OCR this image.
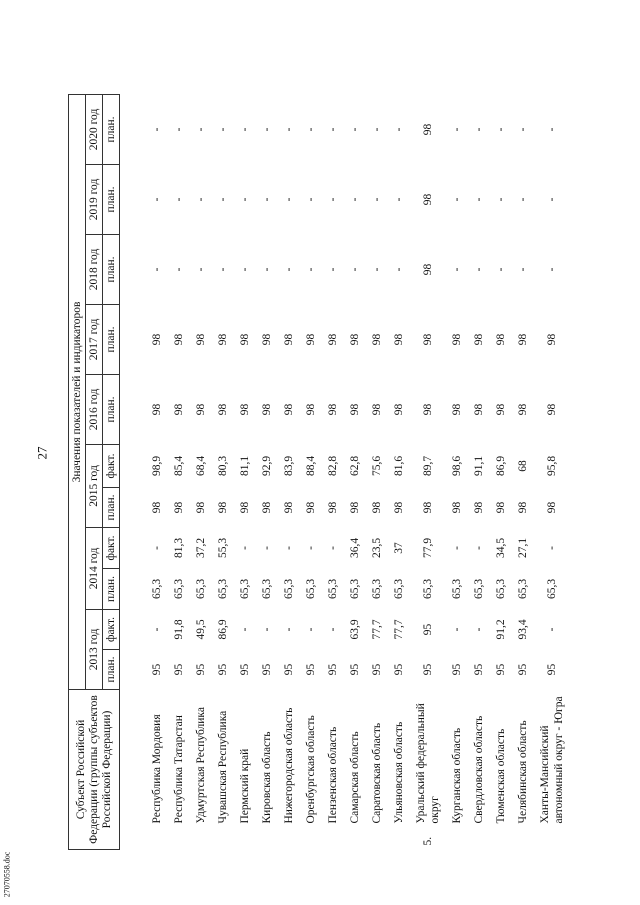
27
27070558.doc
Субъект Российской Федерации (группы субъектов Российской Федерации)		Значения показателей и индикаторов											
		2013 год		2014 год		2015 год		2016 год	2017 год	2018 год	2019 год	2020 год	
		план.	факт.	план.	факт.	план.	факт.	план.	план.	план.	план.	план.	

	Республика Мордовия	95	-	65,3	-	98	98,9	98	98	-	-	-	
	Республика Татарстан	95	91,8	65,3	81,3	98	85,4	98	98	-	-	-	
	Удмуртская Республика	95	49,5	65,3	37,2	98	68,4	98	98	-	-	-	
	Чувашская Республика	95	86,9	65,3	55,3	98	80,3	98	98	-	-	-	
	Пермский край	95	-	65,3	-	98	81,1	98	98	-	-	-	
	Кировская область	95	-	65,3	-	98	92,9	98	98	-	-	-	
	Нижегородская область	95	-	65,3	-	98	83,9	98	98	-	-	-	
	Оренбургская область	95	-	65,3	-	98	88,4	98	98	-	-	-	
	Пензенская область	95	-	65,3	-	98	82,8	98	98	-	-	-	
	Самарская область	95	63,9	65,3	36,4	98	62,8	98	98	-	-	-	
	Саратовская область	95	77,7	65,3	23,5	98	75,6	98	98	-	-	-	
	Ульяновская область	95	77,7	65,3	37	98	81,6	98	98	-	-	-	
5.	Уральский федеральный округ	95	95	65,3	77,9	98	89,7	98	98	98	98	98	
	Курганская область	95	-	65,3	-	98	98,6	98	98	-	-	-	
	Свердловская область	95	-	65,3	-	98	91,1	98	98	-	-	-	
	Тюменская область	95	91,2	65,3	34,5	98	86,9	98	98	-	-	-	
	Челябинская область	95	93,4	65,3	27,1	98	68	98	98	-	-	-	
	Ханты-Мансийский автономный округ - Югра	95	-	65,3	-	98	95,8	98	98	-	-	-	
